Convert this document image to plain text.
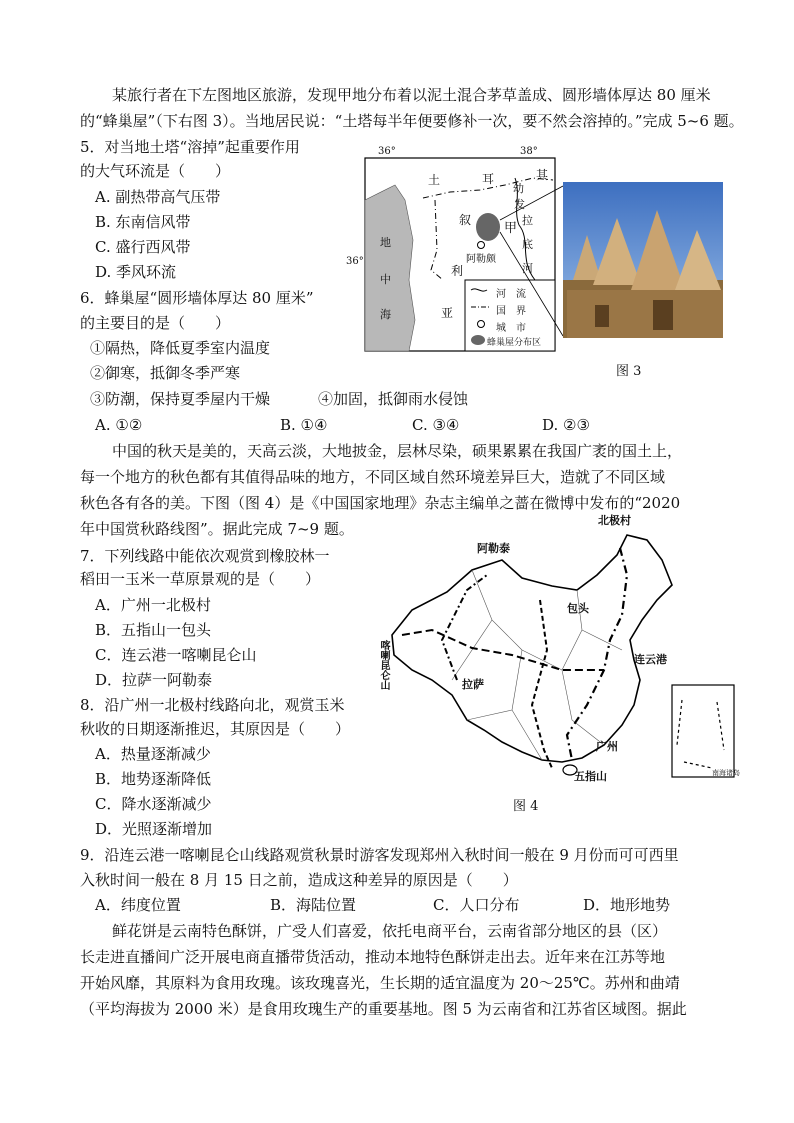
某旅行者在下左图地区旅游，发现甲地分布着以泥土混合茅草盖成、圆形墙体厚达 80 厘米
的“蜂巢屋”（下右图 3）。当地居民说：“土塔每半年便要修补一次，要不然会溶掉的。”完成 5~6 题。
5．对当地土塔“溶掉”起重要作用
的大气环流是（　　）
A. 副热带高气压带
B. 东南信风带
C. 盛行西风带
D. 季风环流
6．蜂巢屋“圆形墙体厚达 80 厘米”
的主要目的是（　　）
①隔热，降低夏季室内温度
②御寒，抵御冬季严寒
③防潮，保持夏季屋内干燥	④加固，抵御雨水侵蚀
A. ①②	B. ①④	C. ③④	D. ②③
36°	38°
36°
土	耳	其
幼
发
拉
底
河
叙
利
亚
甲
阿勒颇
地
中
海
河　流
国　界
城　市
蜂巢屋分布区
图 3
中国的秋天是美的，天高云淡，大地披金，层林尽染，硕果累累在我国广袤的国土上，
每一个地方的秋色都有其值得品味的地方，不同区域自然环境差异巨大，造就了不同区域
秋色各有各的美。下图（图 4）是《中国国家地理》杂志主编单之蔷在微博中发布的“2020
年中国赏秋路线图”。据此完成 7~9 题。
7．下列线路中能依次观赏到橡胶林一
稻田一玉米一草原景观的是（　　）
A．广州一北极村
B．五指山一包头
C．连云港一喀喇昆仑山
D．拉萨一阿勒泰
8．沿广州一北极村线路向北，观赏玉米
秋收的日期逐渐推迟，其原因是（　　）
A．热量逐渐减少
B．地势逐渐降低
C．降水逐渐减少
D．光照逐渐增加
北极村
阿勒泰
包头
喀喇昆仑山	连云港
拉萨
广州
五指山	南海诸岛
图 4
9．沿连云港一喀喇昆仑山线路观赏秋景时游客发现郑州入秋时间一般在 9 月份而可可西里
入秋时间一般在 8 月 15 日之前，造成这种差异的原因是（　　）
A．纬度位置	B．海陆位置	C．人口分布	D．地形地势
鲜花饼是云南特色酥饼，广受人们喜爱，依托电商平台，云南省部分地区的县（区）
长走进直播间广泛开展电商直播带货活动，推动本地特色酥饼走出去。近年来在江苏等地
开始风靡，其原料为食用玫瑰。该玫瑰喜光，生长期的适宜温度为 20～25℃。苏州和曲靖
（平均海拔为 2000 米）是食用玫瑰生产的重要基地。图 5 为云南省和江苏省区域图。据此
